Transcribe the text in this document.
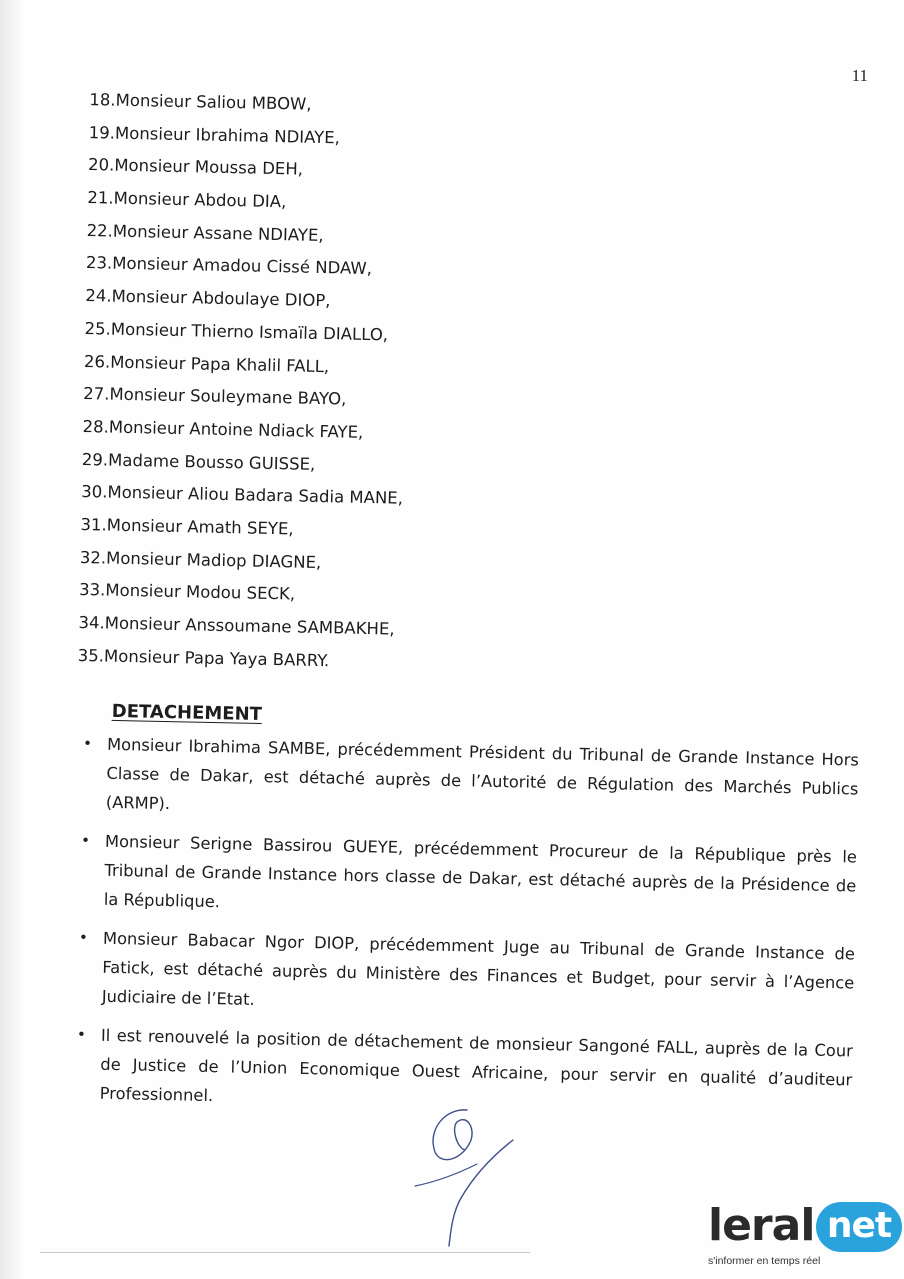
11
18.Monsieur Saliou MBOW,
19.Monsieur Ibrahima NDIAYE,
20.Monsieur Moussa DEH,
21.Monsieur Abdou DIA,
22.Monsieur Assane NDIAYE,
23.Monsieur Amadou Cissé NDAW,
24.Monsieur Abdoulaye DIOP,
25.Monsieur Thierno Ismaïla DIALLO,
26.Monsieur Papa Khalil FALL,
27.Monsieur Souleymane BAYO,
28.Monsieur Antoine Ndiack FAYE,
29.Madame Bousso GUISSE,
30.Monsieur Aliou Badara Sadia MANE,
31.Monsieur Amath SEYE,
32.Monsieur Madiop DIAGNE,
33.Monsieur Modou SECK,
34.Monsieur Anssoumane SAMBAKHE,
35.Monsieur Papa Yaya BARRY.
DETACHEMENT
• Monsieur Ibrahima SAMBE, précédemment Président du Tribunal de Grande Instance Hors Classe de Dakar, est détaché auprès de l’Autorité de Régulation des Marchés Publics (ARMP).
• Monsieur Serigne Bassirou GUEYE, précédemment Procureur de la République près le Tribunal de Grande Instance hors classe de Dakar, est détaché auprès de la Présidence de la République.
• Monsieur Babacar Ngor DIOP, précédemment Juge au Tribunal de Grande Instance de Fatick, est détaché auprès du Ministère des Finances et Budget, pour servir à l’Agence Judiciaire de l’Etat.
• Il est renouvelé la position de détachement de monsieur Sangoné FALL, auprès de la Cour de Justice de l’Union Economique Ouest Africaine, pour servir en qualité d’auditeur Professionnel.
leral net
s'informer en temps réel
